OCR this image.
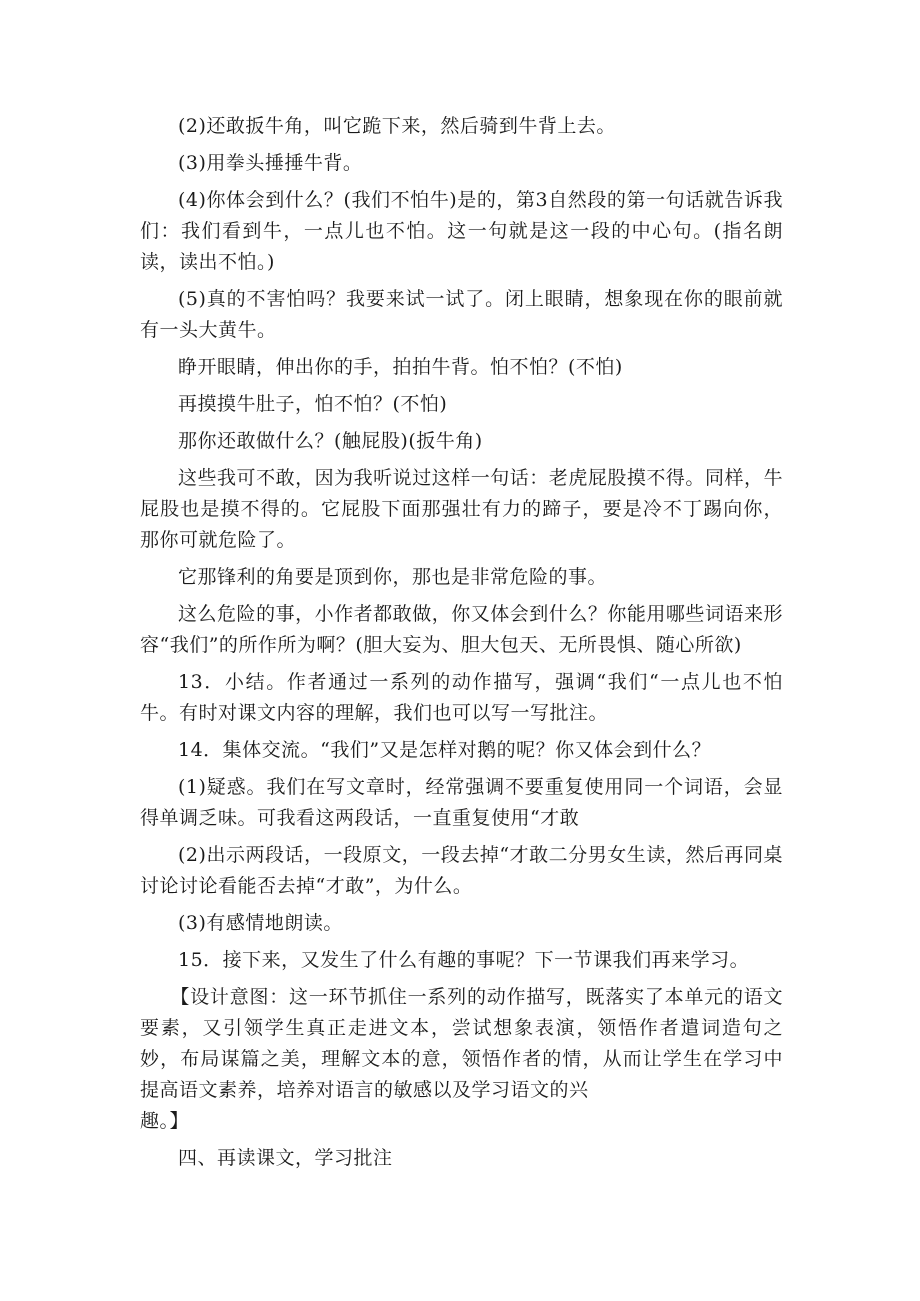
(2)还敢扳牛角，叫它跪下来，然后骑到牛背上去。

(3)用拳头捶捶牛背。

(4)你体会到什么？(我们不怕牛)是的，第3自然段的第一句话就告诉我们：我们看到牛，一点儿也不怕。这一句就是这一段的中心句。(指名朗读，读出不怕。)

(5)真的不害怕吗？我要来试一试了。闭上眼睛，想象现在你的眼前就有一头大黄牛。

睁开眼睛，伸出你的手，拍拍牛背。怕不怕？(不怕)

再摸摸牛肚子，怕不怕？(不怕)

那你还敢做什么？(触屁股)(扳牛角)

这些我可不敢，因为我听说过这样一句话：老虎屁股摸不得。同样，牛屁股也是摸不得的。它屁股下面那强壮有力的蹄子，要是冷不丁踢向你，那你可就危险了。

它那锋利的角要是顶到你，那也是非常危险的事。

这么危险的事，小作者都敢做，你又体会到什么？你能用哪些词语来形容“我们”的所作所为啊？(胆大妄为、胆大包天、无所畏惧、随心所欲)

13．小结。作者通过一系列的动作描写，强调“我们“一点儿也不怕牛。有时对课文内容的理解，我们也可以写一写批注。

14．集体交流。“我们”又是怎样对鹅的呢？你又体会到什么？

(1)疑惑。我们在写文章时，经常强调不要重复使用同一个词语，会显得单调乏味。可我看这两段话，一直重复使用“才敢

(2)出示两段话，一段原文，一段去掉“才敢二分男女生读，然后再同桌讨论讨论看能否去掉“才敢”，为什么。

(3)有感情地朗读。

15．接下来，又发生了什么有趣的事呢？下一节课我们再来学习。

【设计意图：这一环节抓住一系列的动作描写，既落实了本单元的语文要素，又引领学生真正走进文本，尝试想象表演，领悟作者遣词造句之妙，布局谋篇之美，理解文本的意，领悟作者的情，从而让学生在学习中提高语文素养，培养对语言的敏感以及学习语文的兴

趣。】

四、再读课文，学习批注
